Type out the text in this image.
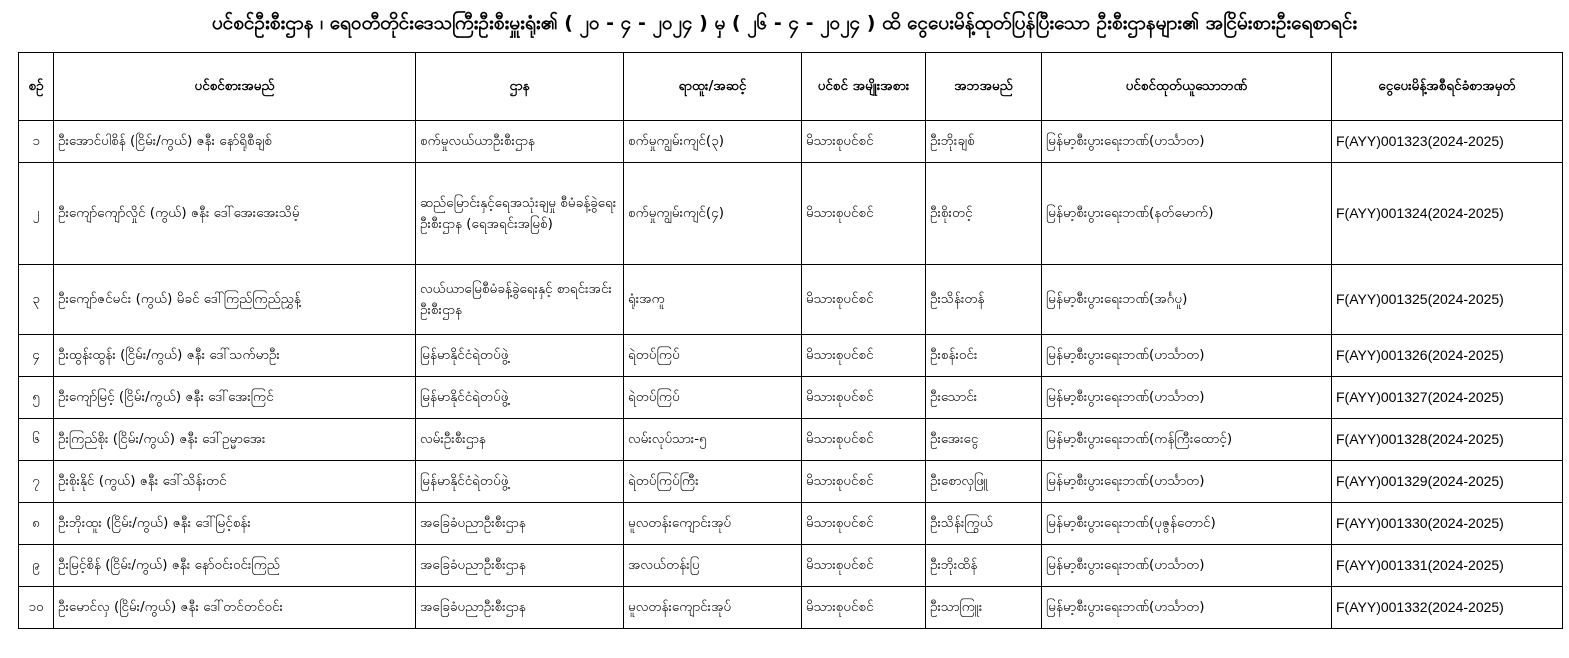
ပင်စင်ဦးစီးဌာန ၊ ရေဝတီတိုင်းဒေသကြီးဦးစီးမှူးရုံး၏ ( ၂၀ - ၄ - ၂၀၂၄ ) မှ ( ၂၆ - ၄ - ၂၀၂၄ ) ထိ ငွေပေးမိန့်ထုတ်ပြန်ပြီးသော ဦးစီးဌာနများ၏ အငြိမ်းစားဦးရေစာရင်း
စဉ်	ပင်စင်စားအမည်	ဌာန	ရာထူး/အဆင့်	ပင်စင် အမျိုးအစား	အဘအမည်	ပင်စင်ထုတ်ယူသောဘဏ်	ငွေပေးမိန့်အစီရင်ခံစာအမှတ်
၁	ဦးအောင်ပါစိန် (ငြိမ်း/ကွယ်) ဇနီး နော်ရိုစီချစ်	စက်မှုလယ်ယာဦးစီးဌာန	စက်မှုကျွမ်းကျင်(၃)	မိသားစုပင်စင်	ဦးဘိုးချစ်	မြန်မာ့စီးပွားရေးဘဏ်(ဟင်္သာတ)	F(AYY)001323(2024-2025)
၂	ဦးကျော်ကျော်လှိုင် (ကွယ်) ဇနီး ဒေါ်အေးအေးသိမ့်	ဆည်မြောင်းနှင့်ရေအသုံးချမှု စီမံခန့်ခွဲရေးဦးစီးဌာန (ရေအရင်းအမြစ်)	စက်မှုကျွမ်းကျင်(၄)	မိသားစုပင်စင်	ဦးစိုးတင့်	မြန်မာ့စီးပွားရေးဘဏ်(နတ်မောက်)	F(AYY)001324(2024-2025)
၃	ဦးကျော်ဇင်မင်း (ကွယ်) မိခင် ဒေါ်ကြည်ကြည်ညွှန့်	လယ်ယာမြေစီမံခန့်ခွဲရေးနှင့် စာရင်းအင်းဦးစီးဌာန	ရုံးအကူ	မိသားစုပင်စင်	ဦးသိန်းတန်	မြန်မာ့စီးပွားရေးဘဏ်(အင်္ဂပူ)	F(AYY)001325(2024-2025)
၄	ဦးထွန်းထွန်း (ငြိမ်း/ကွယ်) ဇနီး ဒေါ်သက်မာဦး	မြန်မာနိုင်ငံရဲတပ်ဖွဲ့	ရဲတပ်ကြပ်	မိသားစုပင်စင်	ဦးစန်းဝင်း	မြန်မာ့စီးပွားရေးဘဏ်(ဟင်္သာတ)	F(AYY)001326(2024-2025)
၅	ဦးကျော်မြင့် (ငြိမ်း/ကွယ်) ဇနီး ဒေါ်အေးကြင်	မြန်မာနိုင်ငံရဲတပ်ဖွဲ့	ရဲတပ်ကြပ်	မိသားစုပင်စင်	ဦးသောင်း	မြန်မာ့စီးပွားရေးဘဏ်(ဟင်္သာတ)	F(AYY)001327(2024-2025)
၆	ဦးကြည်စိုး (ငြိမ်း/ကွယ်) ဇနီး ဒေါ်ဥမ္မာအေး	လမ်းဦးစီးဌာန	လမ်းလုပ်သား-၅	မိသားစုပင်စင်	ဦးအေးငွေ	မြန်မာ့စီးပွားရေးဘဏ်(ကန်ကြီးထောင့်)	F(AYY)001328(2024-2025)
၇	ဦးစိုးနိုင် (ကွယ်) ဇနီး ဒေါ်သိန်းတင်	မြန်မာနိုင်ငံရဲတပ်ဖွဲ့	ရဲတပ်ကြပ်ကြီး	မိသားစုပင်စင်	ဦးစောလှဖြူ	မြန်မာ့စီးပွားရေးဘဏ်(ဟင်္သာတ)	F(AYY)001329(2024-2025)
၈	ဦးဘိုးထူး (ငြိမ်း/ကွယ်) ဇနီး ဒေါ်မြင့်စန်း	အခြေခံပညာဦးစီးဌာန	မူလတန်းကျောင်းအုပ်	မိသားစုပင်စင်	ဦးသိန်းကြွယ်	မြန်မာ့စီးပွားရေးဘဏ်(ပုဇွန်တောင်)	F(AYY)001330(2024-2025)
၉	ဦးမြင့်စိန် (ငြိမ်း/ကွယ်) ဇနီး နော်ဝင်းဝင်းကြည်	အခြေခံပညာဦးစီးဌာန	အလယ်တန်းပြ	မိသားစုပင်စင်	ဦးဘိုးထိန်	မြန်မာ့စီးပွားရေးဘဏ်(ဟင်္သာတ)	F(AYY)001331(2024-2025)
၁၀	ဦးမောင်လှ (ငြိမ်း/ကွယ်) ဇနီး ဒေါ်တင်တင်ဝင်း	အခြေခံပညာဦးစီးဌာန	မူလတန်းကျောင်းအုပ်	မိသားစုပင်စင်	ဦးသာကြူး	မြန်မာ့စီးပွားရေးဘဏ်(ဟင်္သာတ)	F(AYY)001332(2024-2025)
